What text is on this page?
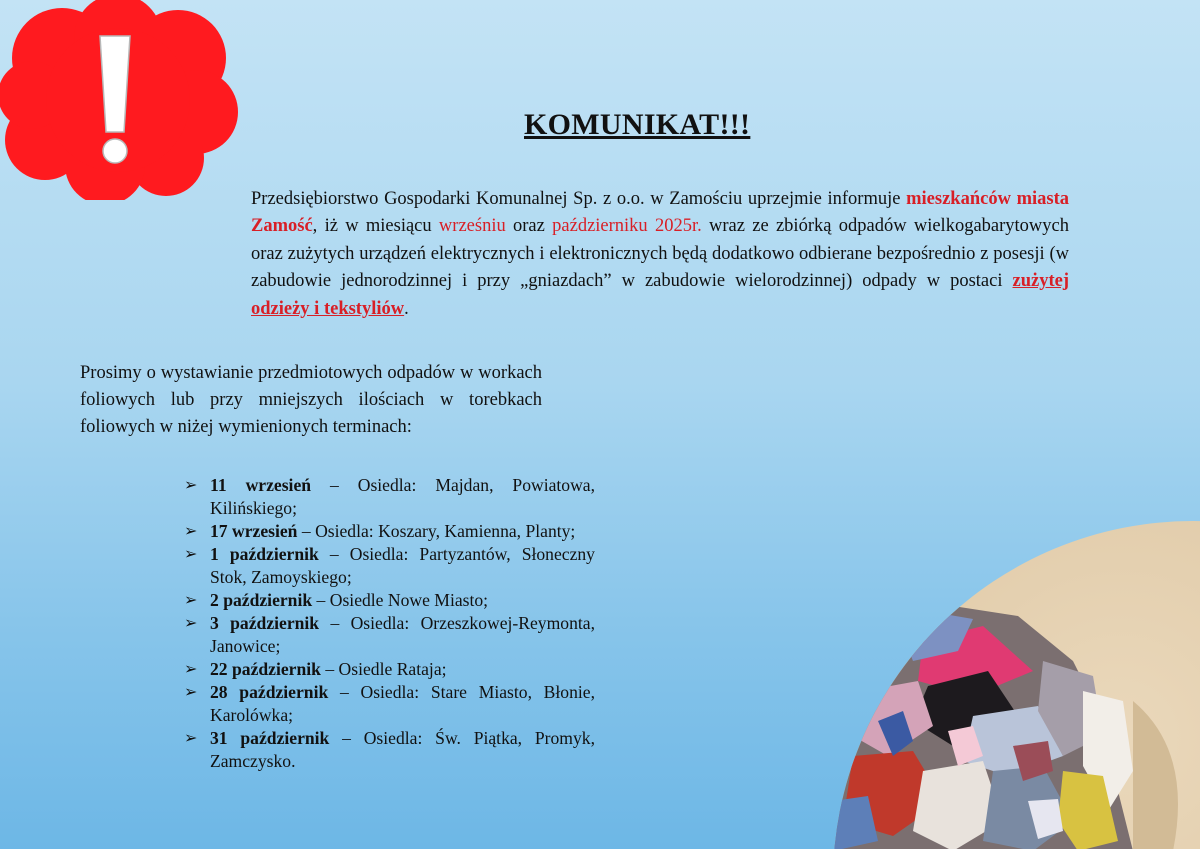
KOMUNIKAT!!!

Przedsiębiorstwo Gospodarki Komunalnej Sp. z o.o. w Zamościu uprzejmie informuje mieszkańców miasta Zamość, iż w miesiącu wrześniu oraz październiku 2025r. wraz ze zbiórką odpadów wielkogabarytowych oraz zużytych urządzeń elektrycznych i elektronicznych będą dodatkowo odbierane bezpośrednio z posesji (w zabudowie jednorodzinnej i przy „gniazdach” w zabudowie wielorodzinnej) odpady w postaci zużytej odzieży i tekstyliów.

Prosimy o wystawianie przedmiotowych odpadów w workach foliowych lub przy mniejszych ilościach w torebkach foliowych w niżej wymienionych terminach:

➢ 11 wrzesień – Osiedla: Majdan, Powiatowa, Kilińskiego;
➢ 17 wrzesień – Osiedla: Koszary, Kamienna, Planty;
➢ 1 październik – Osiedla: Partyzantów, Słoneczny Stok, Zamoyskiego;
➢ 2 październik – Osiedle Nowe Miasto;
➢ 3 październik – Osiedla: Orzeszkowej-Reymonta, Janowice;
➢ 22 październik – Osiedle Rataja;
➢ 28 październik – Osiedla: Stare Miasto, Błonie, Karolówka;
➢ 31 październik – Osiedla: Św. Piątka, Promyk, Zamczysko.
